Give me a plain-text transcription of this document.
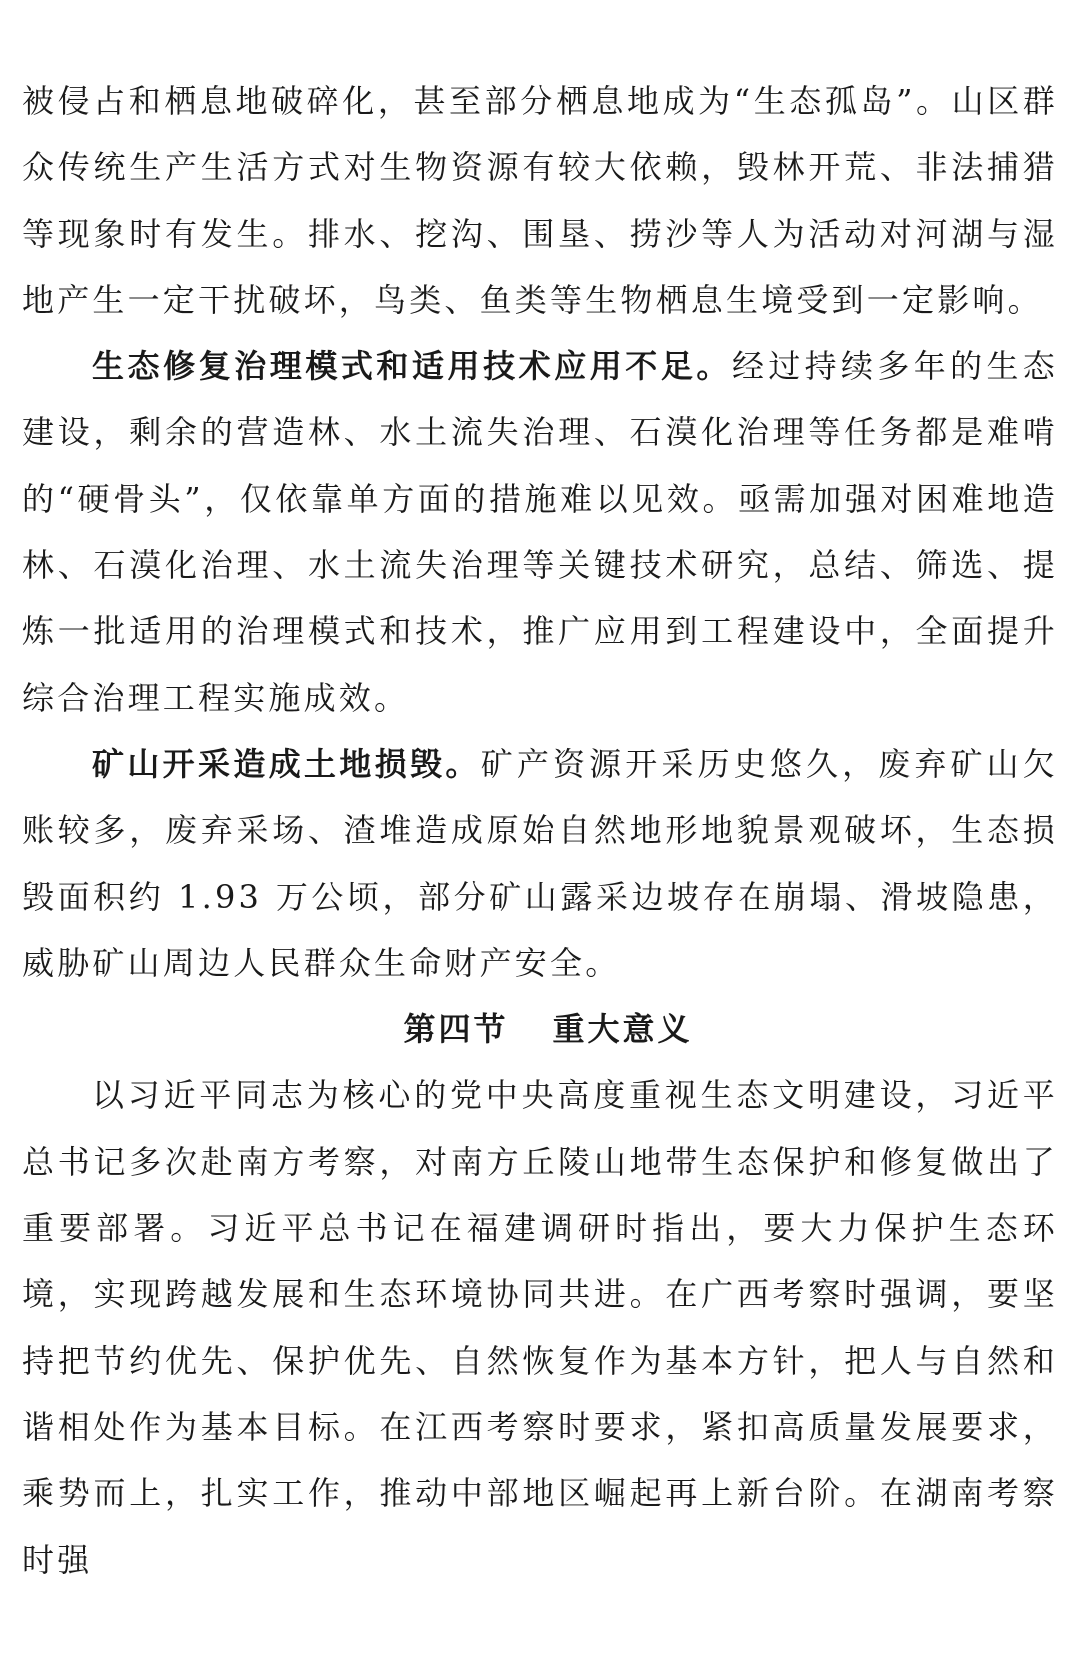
被侵占和栖息地破碎化，甚至部分栖息地成为“生态孤岛”。山区群众传统生产生活方式对生物资源有较大依赖，毁林开荒、非法捕猎等现象时有发生。排水、挖沟、围垦、捞沙等人为活动对河湖与湿地产生一定干扰破坏，鸟类、鱼类等生物栖息生境受到一定影响。

生态修复治理模式和适用技术应用不足。经过持续多年的生态建设，剩余的营造林、水土流失治理、石漠化治理等任务都是难啃的“硬骨头”，仅依靠单方面的措施难以见效。亟需加强对困难地造林、石漠化治理、水土流失治理等关键技术研究，总结、筛选、提炼一批适用的治理模式和技术，推广应用到工程建设中，全面提升综合治理工程实施成效。

矿山开采造成土地损毁。矿产资源开采历史悠久，废弃矿山欠账较多，废弃采场、渣堆造成原始自然地形地貌景观破坏，生态损毁面积约 1.93 万公顷，部分矿山露采边坡存在崩塌、滑坡隐患，威胁矿山周边人民群众生命财产安全。

第四节 重大意义

以习近平同志为核心的党中央高度重视生态文明建设，习近平总书记多次赴南方考察，对南方丘陵山地带生态保护和修复做出了重要部署。习近平总书记在福建调研时指出，要大力保护生态环境，实现跨越发展和生态环境协同共进。在广西考察时强调，要坚持把节约优先、保护优先、自然恢复作为基本方针，把人与自然和谐相处作为基本目标。在江西考察时要求，紧扣高质量发展要求，乘势而上，扎实工作，推动中部地区崛起再上新台阶。在湖南考察时强
